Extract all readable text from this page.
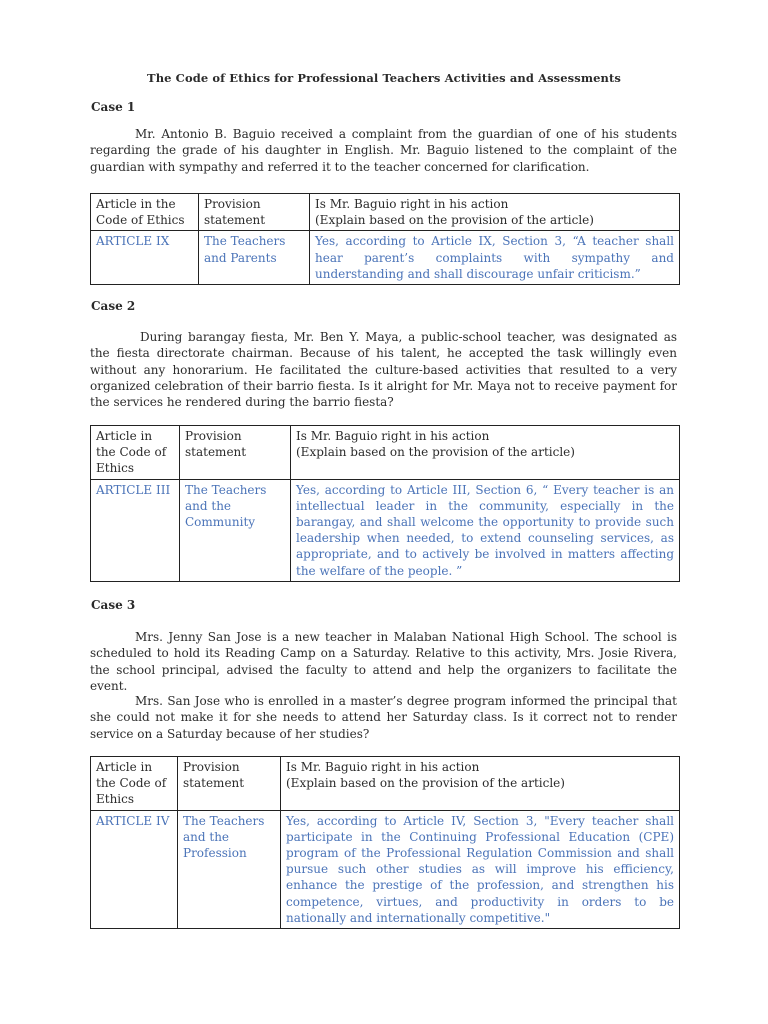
The Code of Ethics for Professional Teachers Activities and Assessments
Case 1

Mr. Antonio B. Baguio received a complaint from the guardian of one of his students regarding the grade of his daughter in English. Mr. Baguio listened to the complaint of the guardian with sympathy and referred it to the teacher concerned for clarification.

Article in the Code of Ethics	Provision statement	Is Mr. Baguio right in his action
(Explain based on the provision of the article)
ARTICLE IX	The Teachers and Parents	Yes, according to Article IX, Section 3, “A teacher shall hear parent’s complaints with sympathy and understanding and shall discourage unfair criticism.”
Case 2

During barangay fiesta, Mr. Ben Y. Maya, a public-school teacher, was designated as the fiesta directorate chairman. Because of his talent, he accepted the task willingly even without any honorarium. He facilitated the culture-based activities that resulted to a very organized celebration of their barrio fiesta. Is it alright for Mr. Maya not to receive payment for the services he rendered during the barrio fiesta?

Article in the Code of Ethics	Provision statement	Is Mr. Baguio right in his action
(Explain based on the provision of the article)
ARTICLE III	The Teachers and the Community	Yes, according to Article III, Section 6, “ Every teacher is an intellectual leader in the community, especially in the barangay, and shall welcome the opportunity to provide such leadership when needed, to extend counseling services, as appropriate, and to actively be involved in matters affecting the welfare of the people. ”
Case 3

Mrs. Jenny San Jose is a new teacher in Malaban National High School. The school is scheduled to hold its Reading Camp on a Saturday. Relative to this activity, Mrs. Josie Rivera, the school principal, advised the faculty to attend and help the organizers to facilitate the event.

Mrs. San Jose who is enrolled in a master’s degree program informed the principal that she could not make it for she needs to attend her Saturday class. Is it correct not to render service on a Saturday because of her studies?

Article in the Code of Ethics	Provision statement	Is Mr. Baguio right in his action
(Explain based on the provision of the article)
ARTICLE IV	The Teachers and the Profession	Yes, according to Article IV, Section 3, "Every teacher shall participate in the Continuing Professional Education (CPE) program of the Professional Regulation Commission and shall pursue such other studies as will improve his efficiency, enhance the prestige of the profession, and strengthen his competence, virtues, and productivity in orders to be nationally and internationally competitive."
